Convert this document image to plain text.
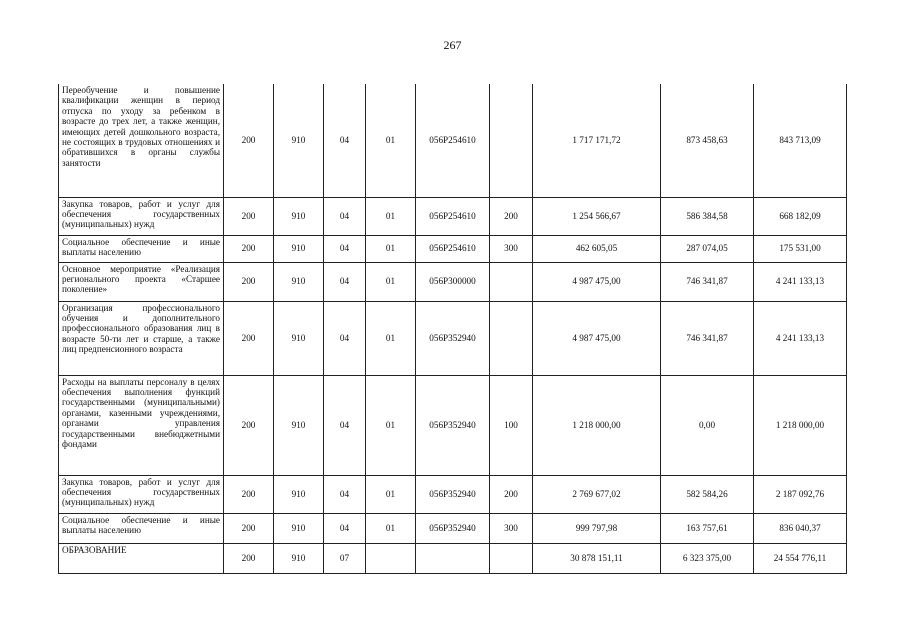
267
Переобучение и повышение квалификации женщин в период отпуска по уходу за ребенком в возрасте до трех лет, а также женщин, имеющих детей дошкольного возраста, не состоящих в трудовых отношениях и обратившихся в органы службы занятости	200	910	04	01	056P254610		1 717 171,72	873 458,63	843 713,09
Закупка товаров, работ и услуг для обеспечения государственных (муниципальных) нужд	200	910	04	01	056P254610	200	1 254 566,67	586 384,58	668 182,09
Социальное обеспечение и иные выплаты населению	200	910	04	01	056P254610	300	462 605,05	287 074,05	175 531,00
Основное мероприятие «Реализация регионального проекта «Старшее поколение»	200	910	04	01	056P300000		4 987 475,00	746 341,87	4 241 133,13
Организация профессионального обучения и дополнительного профессионального образования лиц в возрасте 50-ти лет и старше, а также лиц предпенсионного возраста	200	910	04	01	056P352940		4 987 475,00	746 341,87	4 241 133,13
Расходы на выплаты персоналу в целях обеспечения выполнения функций государственными (муниципальными) органами, казенными учреждениями, органами управления государственными внебюджетными фондами	200	910	04	01	056P352940	100	1 218 000,00	0,00	1 218 000,00
Закупка товаров, работ и услуг для обеспечения государственных (муниципальных) нужд	200	910	04	01	056P352940	200	2 769 677,02	582 584,26	2 187 092,76
Социальное обеспечение и иные выплаты населению	200	910	04	01	056P352940	300	999 797,98	163 757,61	836 040,37
ОБРАЗОВАНИЕ	200	910	07				30 878 151,11	6 323 375,00	24 554 776,11
